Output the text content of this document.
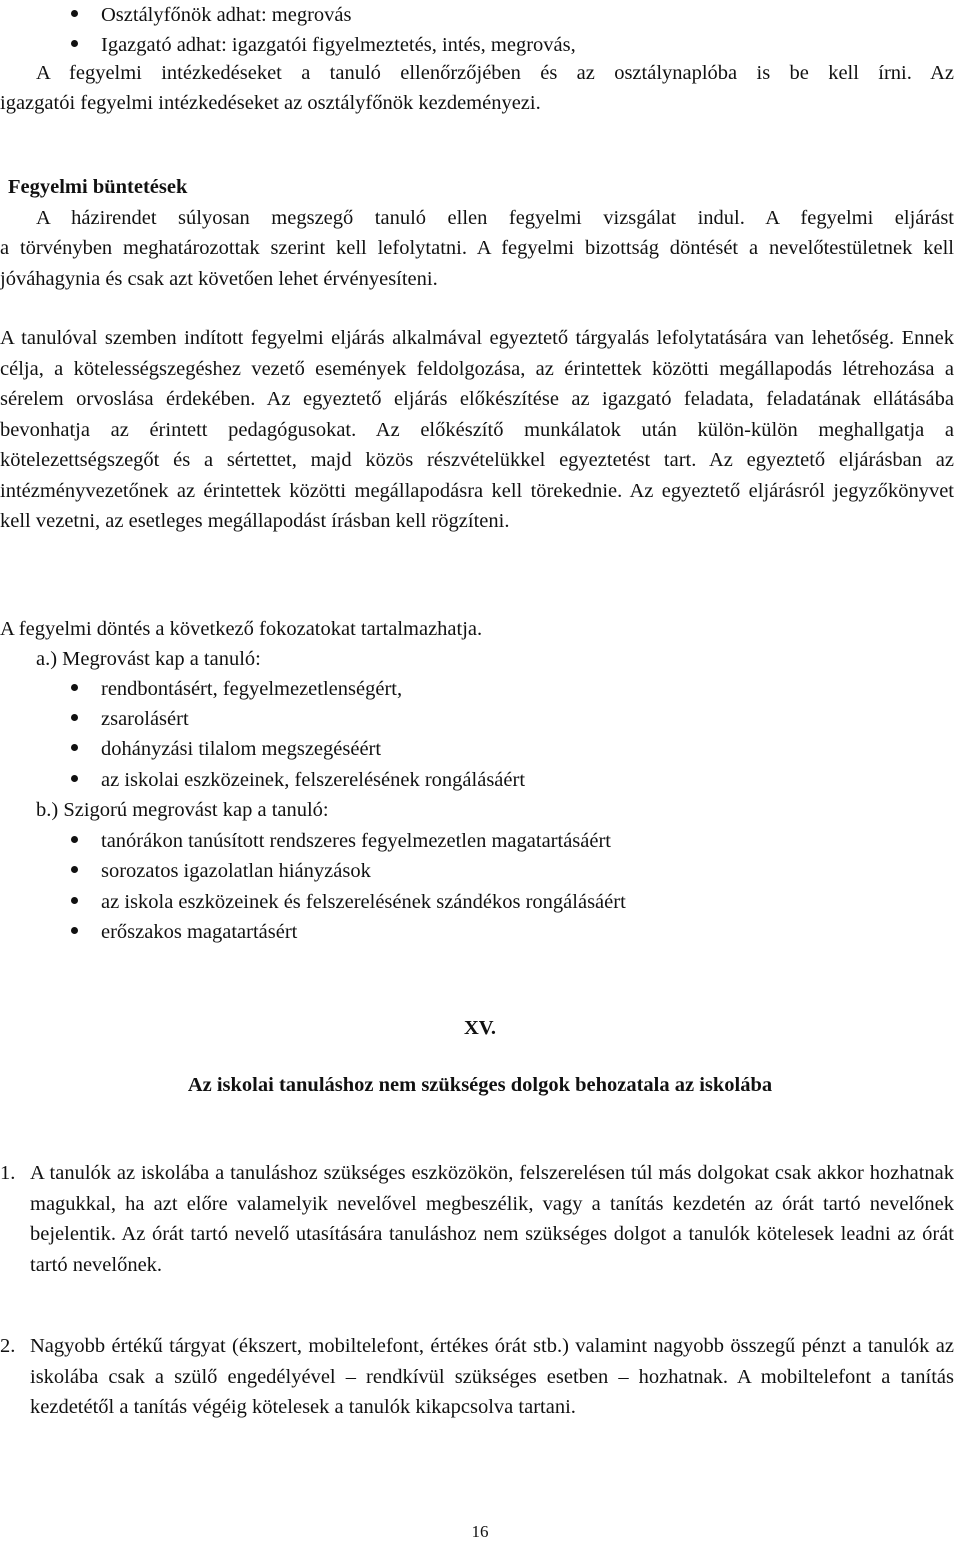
Osztályfőnök adhat: megrovás
Igazgató adhat: igazgatói figyelmeztetés, intés, megrovás,
A fegyelmi intézkedéseket a tanuló ellenőrzőjében és az osztálynaplóba is be kell írni. Az
igazgatói fegyelmi intézkedéseket az osztályfőnök kezdeményezi.
Fegyelmi büntetések
A házirendet súlyosan megszegő tanuló ellen fegyelmi vizsgálat indul. A fegyelmi eljárást
a törvényben meghatározottak szerint kell lefolytatni. A fegyelmi bizottság döntését a nevelőtestületnek kell jóváhagynia és csak azt követően lehet érvényesíteni.
A tanulóval szemben indított fegyelmi eljárás alkalmával egyeztető tárgyalás lefolytatására van lehetőség. Ennek célja, a kötelességszegéshez vezető események feldolgozása, az érintettek közötti megállapodás létrehozása a sérelem orvoslása érdekében. Az egyeztető eljárás előkészítése az igazgató feladata, feladatának ellátásába bevonhatja az érintett pedagógusokat. Az előkészítő munkálatok után külön-külön meghallgatja a kötelezettségszegőt és a sértettet, majd közös részvételükkel egyeztetést tart. Az egyeztető eljárásban az intézményvezetőnek az érintettek közötti megállapodásra kell törekednie. Az egyeztető eljárásról jegyzőkönyvet kell vezetni, az esetleges megállapodást írásban kell rögzíteni.
A fegyelmi döntés a következő fokozatokat tartalmazhatja.
a.) Megrovást kap a tanuló:
rendbontásért, fegyelmezetlenségért,
zsarolásért
dohányzási tilalom megszegéséért
az iskolai eszközeinek, felszerelésének rongálásáért
b.) Szigorú megrovást kap a tanuló:
tanórákon tanúsított rendszeres fegyelmezetlen magatartásáért
sorozatos igazolatlan hiányzások
az iskola eszközeinek és felszerelésének szándékos rongálásáért
erőszakos magatartásért
XV.
Az iskolai tanuláshoz nem szükséges dolgok behozatala az iskolába
1. A tanulók az iskolába a tanuláshoz szükséges eszközökön, felszerelésen túl más dolgokat csak akkor hozhatnak magukkal, ha azt előre valamelyik nevelővel megbeszélik, vagy a tanítás kezdetén az órát tartó nevelőnek bejelentik. Az órát tartó nevelő utasítására tanuláshoz nem szükséges dolgot a tanulók kötelesek leadni az órát tartó nevelőnek.
2. Nagyobb értékű tárgyat (ékszert, mobiltelefont, értékes órát stb.) valamint nagyobb összegű pénzt a tanulók az iskolába csak a szülő engedélyével – rendkívül szükséges esetben – hozhatnak. A mobiltelefont a tanítás kezdetétől a tanítás végéig kötelesek a tanulók kikapcsolva tartani.
16
